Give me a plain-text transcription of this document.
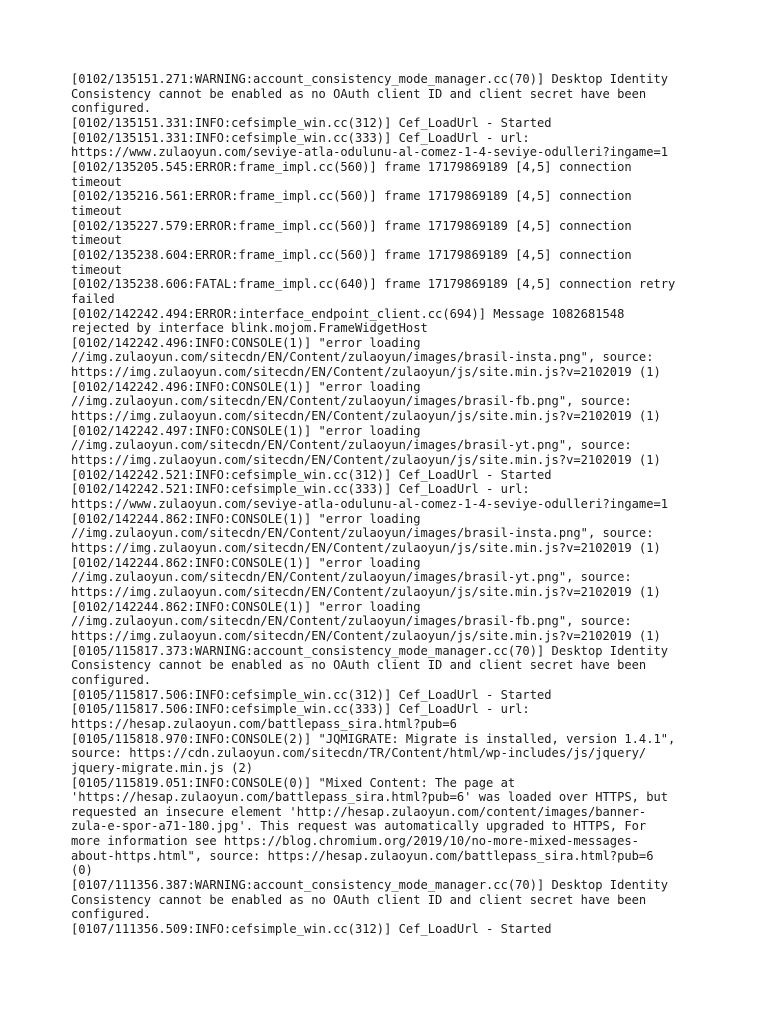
[0102/135151.271:WARNING:account_consistency_mode_manager.cc(70)] Desktop Identity
Consistency cannot be enabled as no OAuth client ID and client secret have been
configured.
[0102/135151.331:INFO:cefsimple_win.cc(312)] Cef_LoadUrl - Started
[0102/135151.331:INFO:cefsimple_win.cc(333)] Cef_LoadUrl - url:
https://www.zulaoyun.com/seviye-atla-odulunu-al-comez-1-4-seviye-odulleri?ingame=1
[0102/135205.545:ERROR:frame_impl.cc(560)] frame 17179869189 [4,5] connection
timeout
[0102/135216.561:ERROR:frame_impl.cc(560)] frame 17179869189 [4,5] connection
timeout
[0102/135227.579:ERROR:frame_impl.cc(560)] frame 17179869189 [4,5] connection
timeout
[0102/135238.604:ERROR:frame_impl.cc(560)] frame 17179869189 [4,5] connection
timeout
[0102/135238.606:FATAL:frame_impl.cc(640)] frame 17179869189 [4,5] connection retry
failed
[0102/142242.494:ERROR:interface_endpoint_client.cc(694)] Message 1082681548
rejected by interface blink.mojom.FrameWidgetHost
[0102/142242.496:INFO:CONSOLE(1)] "error loading
//img.zulaoyun.com/sitecdn/EN/Content/zulaoyun/images/brasil-insta.png", source:
https://img.zulaoyun.com/sitecdn/EN/Content/zulaoyun/js/site.min.js?v=2102019 (1)
[0102/142242.496:INFO:CONSOLE(1)] "error loading
//img.zulaoyun.com/sitecdn/EN/Content/zulaoyun/images/brasil-fb.png", source:
https://img.zulaoyun.com/sitecdn/EN/Content/zulaoyun/js/site.min.js?v=2102019 (1)
[0102/142242.497:INFO:CONSOLE(1)] "error loading
//img.zulaoyun.com/sitecdn/EN/Content/zulaoyun/images/brasil-yt.png", source:
https://img.zulaoyun.com/sitecdn/EN/Content/zulaoyun/js/site.min.js?v=2102019 (1)
[0102/142242.521:INFO:cefsimple_win.cc(312)] Cef_LoadUrl - Started
[0102/142242.521:INFO:cefsimple_win.cc(333)] Cef_LoadUrl - url:
https://www.zulaoyun.com/seviye-atla-odulunu-al-comez-1-4-seviye-odulleri?ingame=1
[0102/142244.862:INFO:CONSOLE(1)] "error loading
//img.zulaoyun.com/sitecdn/EN/Content/zulaoyun/images/brasil-insta.png", source:
https://img.zulaoyun.com/sitecdn/EN/Content/zulaoyun/js/site.min.js?v=2102019 (1)
[0102/142244.862:INFO:CONSOLE(1)] "error loading
//img.zulaoyun.com/sitecdn/EN/Content/zulaoyun/images/brasil-yt.png", source:
https://img.zulaoyun.com/sitecdn/EN/Content/zulaoyun/js/site.min.js?v=2102019 (1)
[0102/142244.862:INFO:CONSOLE(1)] "error loading
//img.zulaoyun.com/sitecdn/EN/Content/zulaoyun/images/brasil-fb.png", source:
https://img.zulaoyun.com/sitecdn/EN/Content/zulaoyun/js/site.min.js?v=2102019 (1)
[0105/115817.373:WARNING:account_consistency_mode_manager.cc(70)] Desktop Identity
Consistency cannot be enabled as no OAuth client ID and client secret have been
configured.
[0105/115817.506:INFO:cefsimple_win.cc(312)] Cef_LoadUrl - Started
[0105/115817.506:INFO:cefsimple_win.cc(333)] Cef_LoadUrl - url:
https://hesap.zulaoyun.com/battlepass_sira.html?pub=6
[0105/115818.970:INFO:CONSOLE(2)] "JQMIGRATE: Migrate is installed, version 1.4.1",
source: https://cdn.zulaoyun.com/sitecdn/TR/Content/html/wp-includes/js/jquery/
jquery-migrate.min.js (2)
[0105/115819.051:INFO:CONSOLE(0)] "Mixed Content: The page at
'https://hesap.zulaoyun.com/battlepass_sira.html?pub=6' was loaded over HTTPS, but
requested an insecure element 'http://hesap.zulaoyun.com/content/images/banner-
zula-e-spor-a71-180.jpg'. This request was automatically upgraded to HTTPS, For
more information see https://blog.chromium.org/2019/10/no-more-mixed-messages-
about-https.html", source: https://hesap.zulaoyun.com/battlepass_sira.html?pub=6
(0)
[0107/111356.387:WARNING:account_consistency_mode_manager.cc(70)] Desktop Identity
Consistency cannot be enabled as no OAuth client ID and client secret have been
configured.
[0107/111356.509:INFO:cefsimple_win.cc(312)] Cef_LoadUrl - Started
